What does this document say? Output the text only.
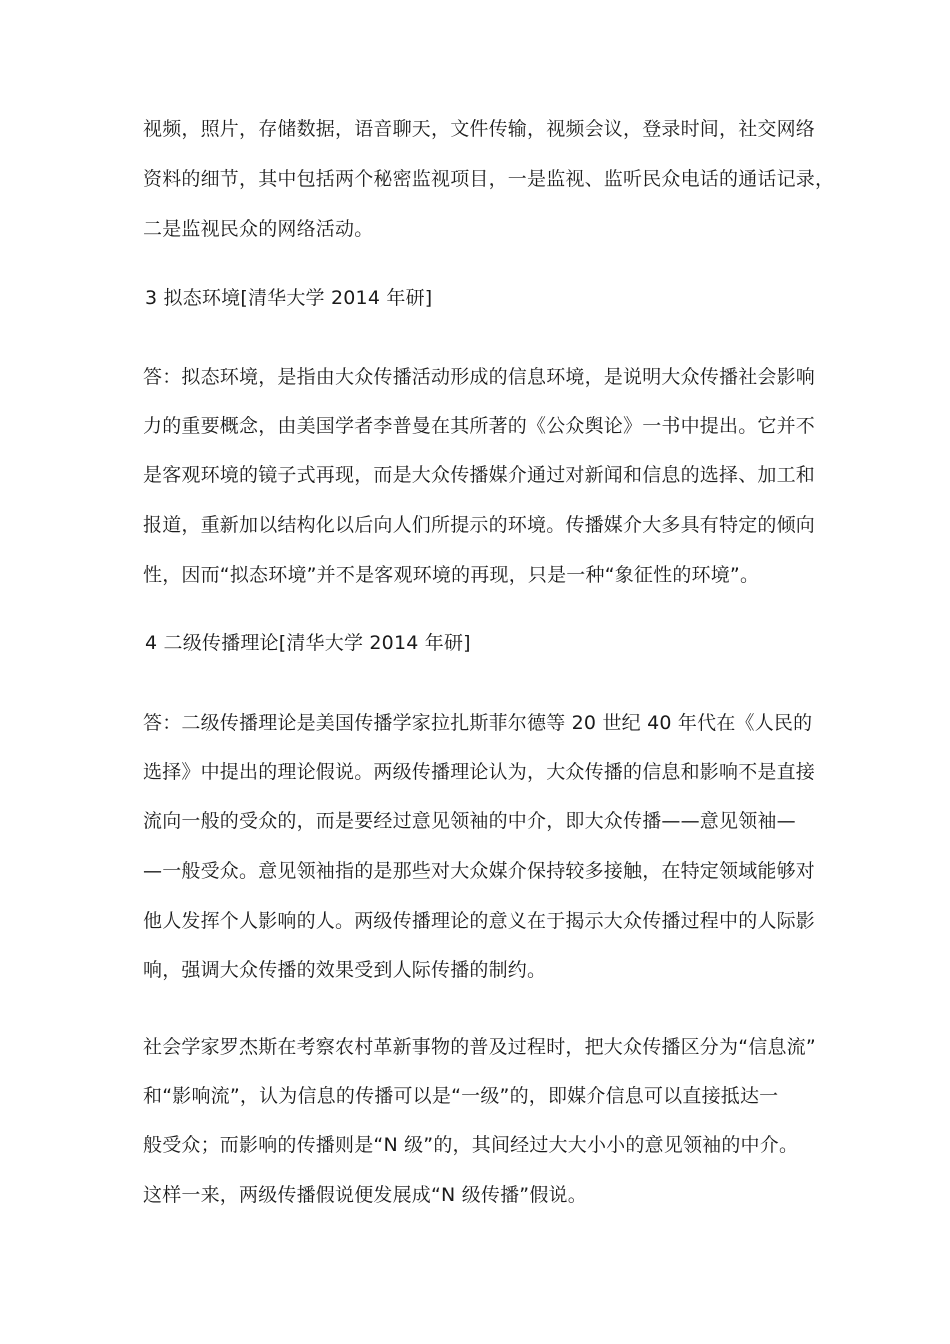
视频，照片，存储数据，语音聊天，文件传输，视频会议，登录时间，社交网络
资料的细节，其中包括两个秘密监视项目，一是监视、监听民众电话的通话记录，
二是监视民众的网络活动。
3 拟态环境[清华大学 2014 年研]
答：拟态环境，是指由大众传播活动形成的信息环境，是说明大众传播社会影响
力的重要概念，由美国学者李普曼在其所著的《公众舆论》一书中提出。它并不
是客观环境的镜子式再现，而是大众传播媒介通过对新闻和信息的选择、加工和
报道，重新加以结构化以后向人们所提示的环境。传播媒介大多具有特定的倾向
性，因而“拟态环境”并不是客观环境的再现，只是一种“象征性的环境”。
4 二级传播理论[清华大学 2014 年研]
答：二级传播理论是美国传播学家拉扎斯菲尔德等 20 世纪 40 年代在《人民的
选择》中提出的理论假说。两级传播理论认为，大众传播的信息和影响不是直接
流向一般的受众的，而是要经过意见领袖的中介，即大众传播——意见领袖—
—一般受众。意见领袖指的是那些对大众媒介保持较多接触，在特定领域能够对
他人发挥个人影响的人。两级传播理论的意义在于揭示大众传播过程中的人际影
响，强调大众传播的效果受到人际传播的制约。
社会学家罗杰斯在考察农村革新事物的普及过程时，把大众传播区分为“信息流”
和“影响流”，认为信息的传播可以是“一级”的，即媒介信息可以直接抵达一
般受众；而影响的传播则是“N 级”的，其间经过大大小小的意见领袖的中介。
这样一来，两级传播假说便发展成“N 级传播”假说。
